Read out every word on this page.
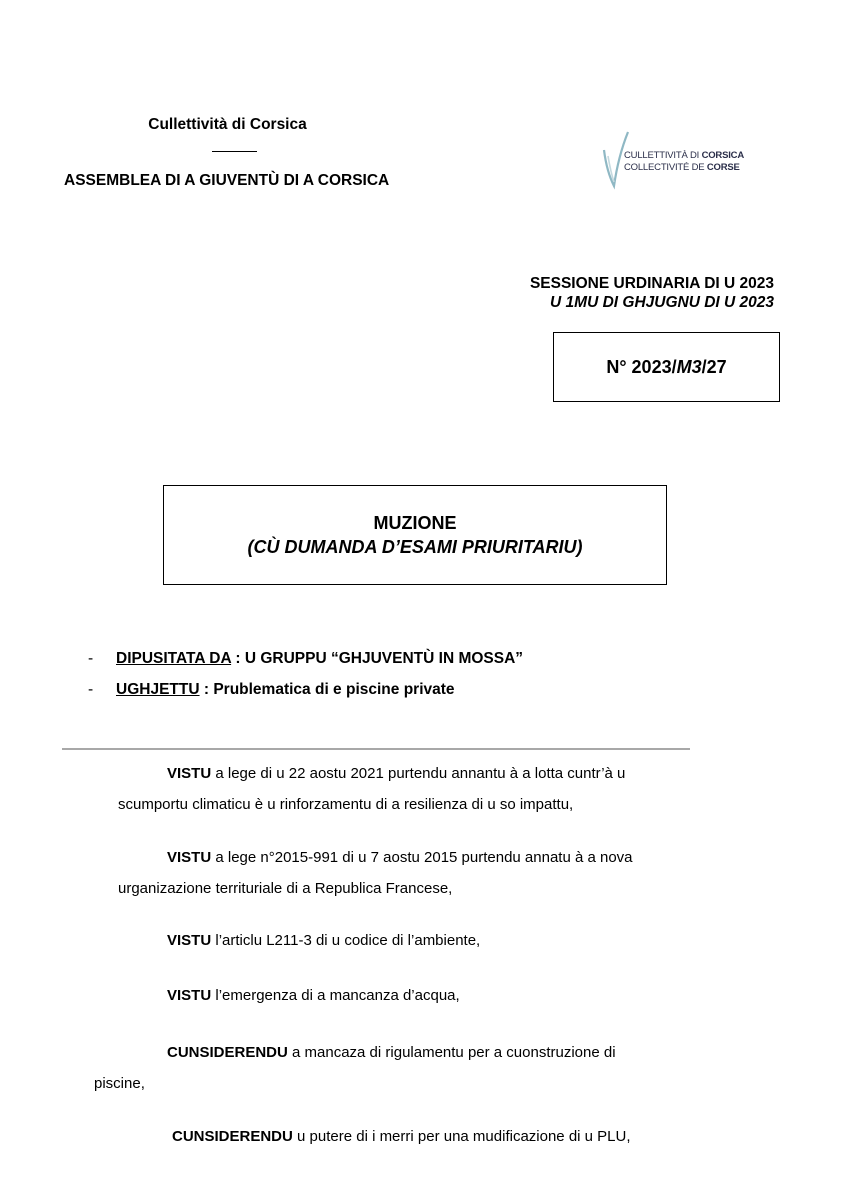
Cullettività di Corsica
ASSEMBLEA DI A GIUVENTÙ DI A CORSICA
CULLETTIVITÀ DI CORSICA
COLLECTIVITÉ DE CORSE
SESSIONE URDINARIA DI U 2023
U 1MU DI GHJUGNU DI U 2023
N° 2023/ M3 /27
MUZIONE
(CÙ DUMANDA D’ESAMI PRIURITARIU)
- DIPUSITATA DA : U GRUPPU “GHJUVENTÙ IN MOSSA”
- UGHJETTU : Prublematica di e piscine private
VISTU a lege di u 22 aostu 2021 purtendu annantu à a lotta cuntr’à u
scumportu climaticu è u rinforzamentu di a resilienza di u so impattu,
VISTU a lege n°2015-991 di u 7 aostu 2015 purtendu annatu à a nova
urganizazione territuriale di a Republica Francese,
VISTU l’articlu L211-3 di u codice di l’ambiente,
VISTU l’emergenza di a mancanza d’acqua,
CUNSIDERENDU a mancaza di rigulamentu per a cuonstruzione di
piscine,
CUNSIDERENDU u putere di i merri per una mudificazione di u PLU,
